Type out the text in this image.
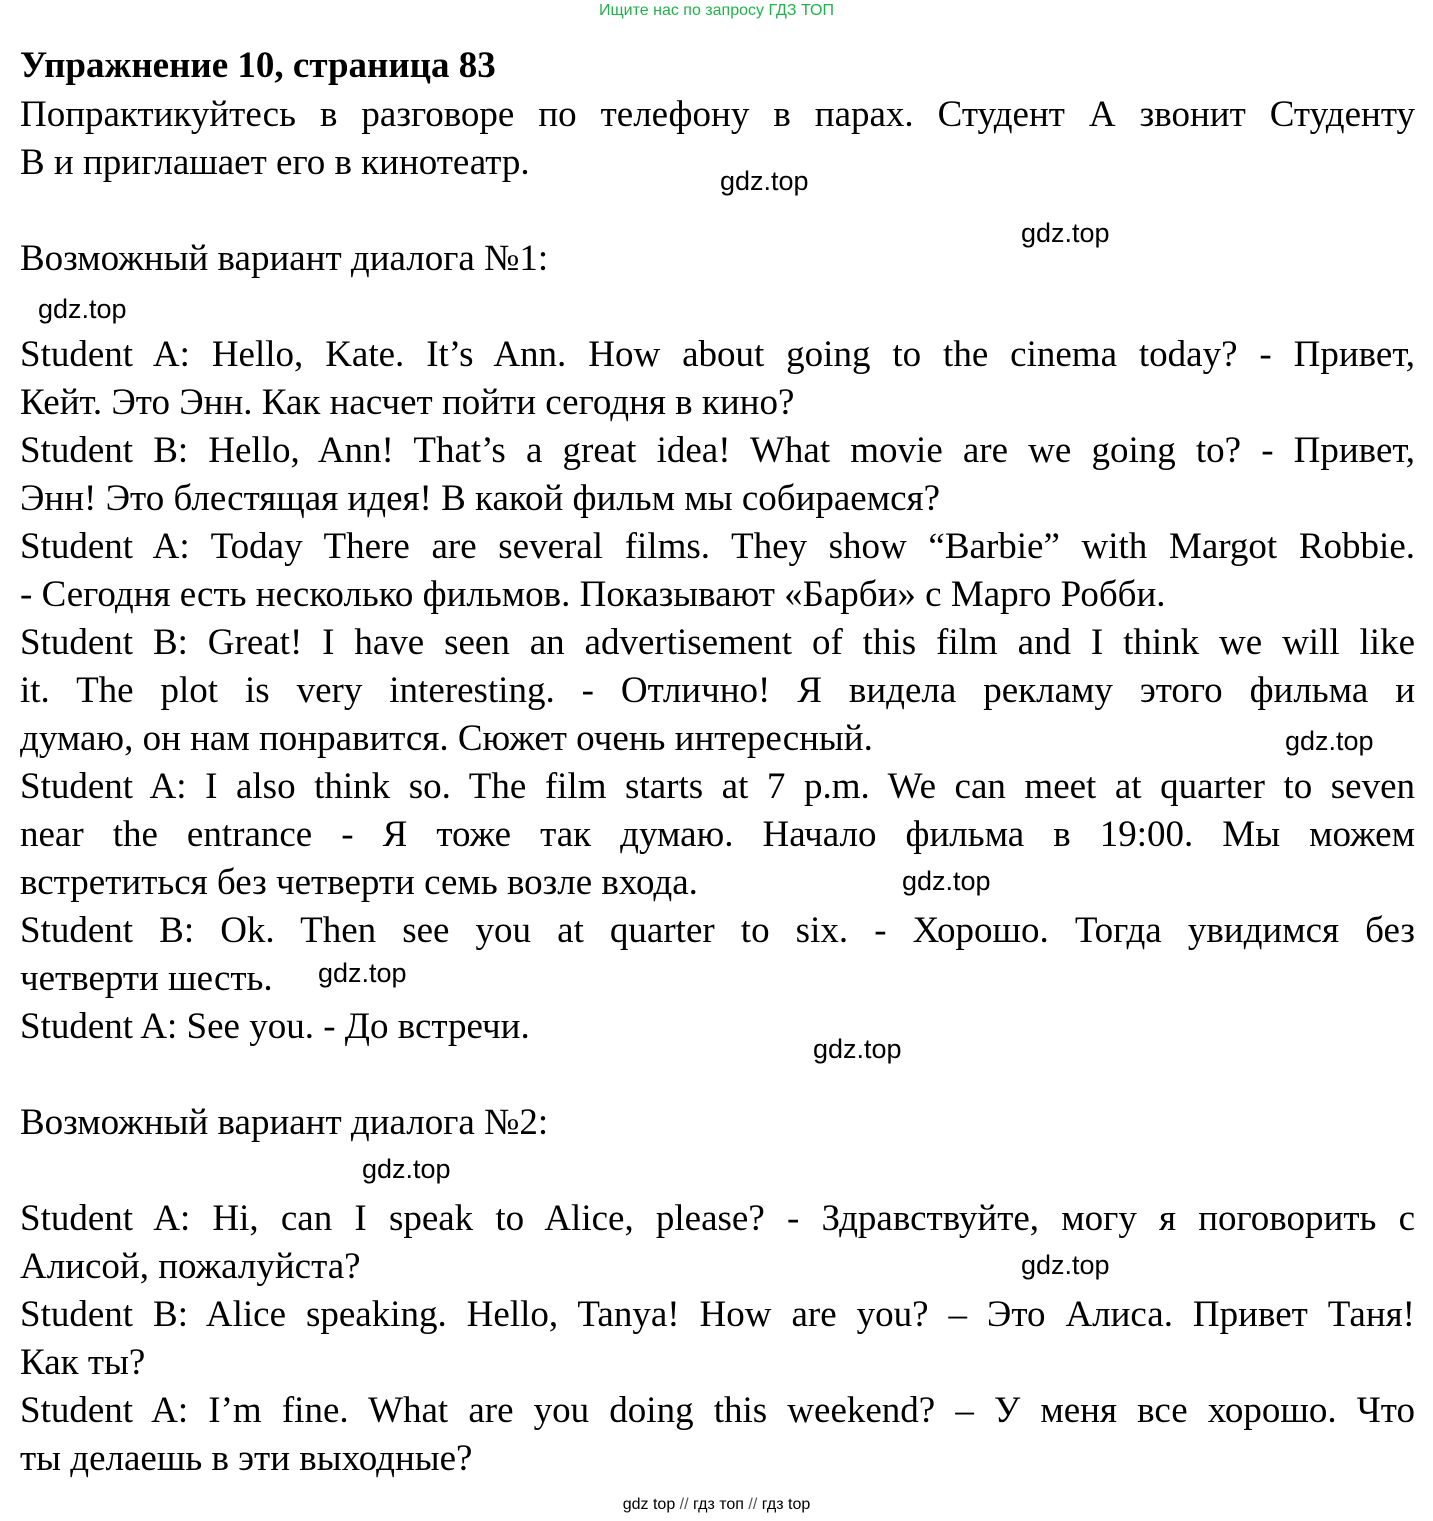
Ищите нас по запросу ГДЗ ТОП
Упражнение 10, страница 83
Попрактикуйтесь в разговоре по телефону в парах. Студент А звонит Студенту
В и приглашает его в кинотеатр.
Возможный вариант диалога №1:
Student A: Hello, Kate. It’s Ann. How about going to the cinema today? - Привет,
Кейт. Это Энн. Как насчет пойти сегодня в кино?
Student B: Hello, Ann! That’s a great idea! What movie are we going to? - Привет,
Энн! Это блестящая идея! В какой фильм мы собираемся?
Student A: Today There are several films. They show “Barbie” with Margot Robbie.
- Сегодня есть несколько фильмов. Показывают «Барби» с Марго Робби.
Student B: Great! I have seen an advertisement of this film and I think we will like
it. The plot is very interesting. - Отлично! Я видела рекламу этого фильма и
думаю, он нам понравится. Сюжет очень интересный.
Student A: I also think so. The film starts at 7 p.m. We can meet at quarter to seven
near the entrance - Я тоже так думаю. Начало фильма в 19:00. Мы можем
встретиться без четверти семь возле входа.
Student B: Ok. Then see you at quarter to six. - Хорошо. Тогда увидимся без
четверти шесть.
Student A: See you. - До встречи.
Возможный вариант диалога №2:
Student A: Hi, can I speak to Alice, please? - Здравствуйте, могу я поговорить с
Алисой, пожалуйста?
Student B: Alice speaking. Hello, Tanya! How are you? – Это Алиса. Привет Таня!
Как ты?
Student A: I’m fine. What are you doing this weekend? – У меня все хорошо. Что
ты делаешь в эти выходные?
gdz.top
gdz.top
gdz.top
gdz.top
gdz.top
gdz.top
gdz.top
gdz.top
gdz.top
gdz top // гдз топ // гдз top
